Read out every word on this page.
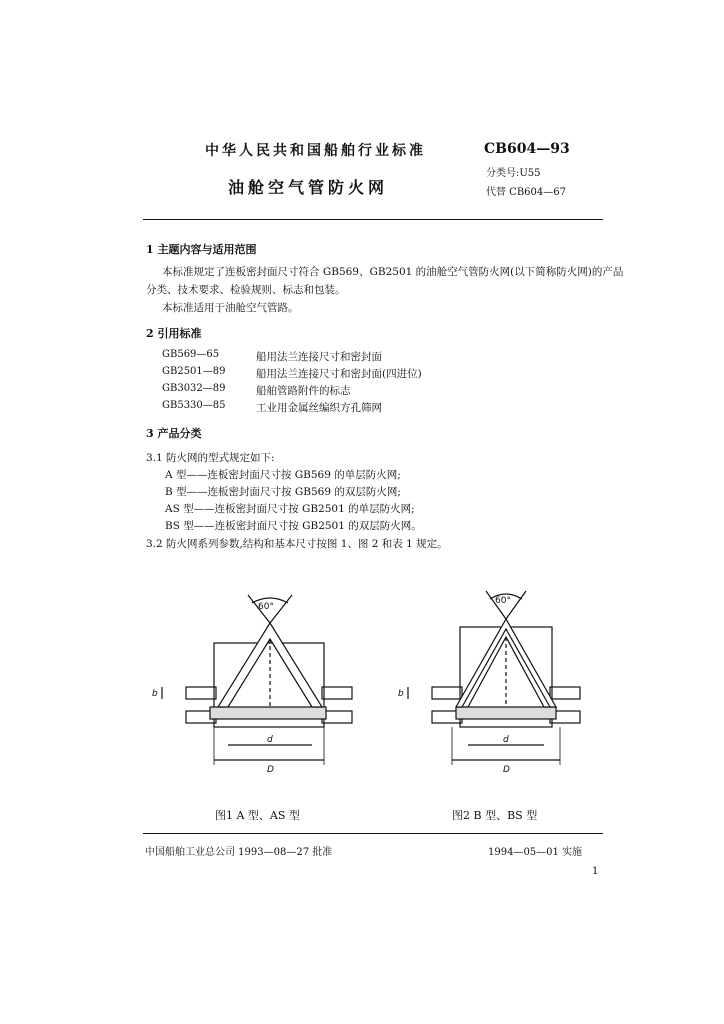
中华人民共和国船舶行业标准
油舱空气管防火网
CB604—93
分类号:U55
代替 CB604—67
1 主题内容与适用范围
本标准规定了连板密封面尺寸符合 GB569、GB2501 的油舱空气管防火网(以下简称防火网)的产品
分类、技术要求、检验规则、标志和包装。
本标准适用于油舱空气管路。
2 引用标准
GB569—65	船用法兰连接尺寸和密封面
GB2501—89	船用法兰连接尺寸和密封面(四进位)
GB3032—89	船舶管路附件的标志
GB5330—85	工业用金属丝编织方孔筛网
3 产品分类
3.1 防火网的型式规定如下:
A 型——连板密封面尺寸按 GB569 的单层防火网;
B 型——连板密封面尺寸按 GB569 的双层防火网;
AS 型——连板密封面尺寸按 GB2501 的单层防火网;
BS 型——连板密封面尺寸按 GB2501 的双层防火网。
3.2 防火网系列参数,结构和基本尺寸按图 1、图 2 和表 1 规定。
60°
d
D
b
60°
d
D
b
图1 A 型、AS 型	图2 B 型、BS 型
中国船舶工业总公司 1993—08—27 批准	1994—05—01 实施
1
